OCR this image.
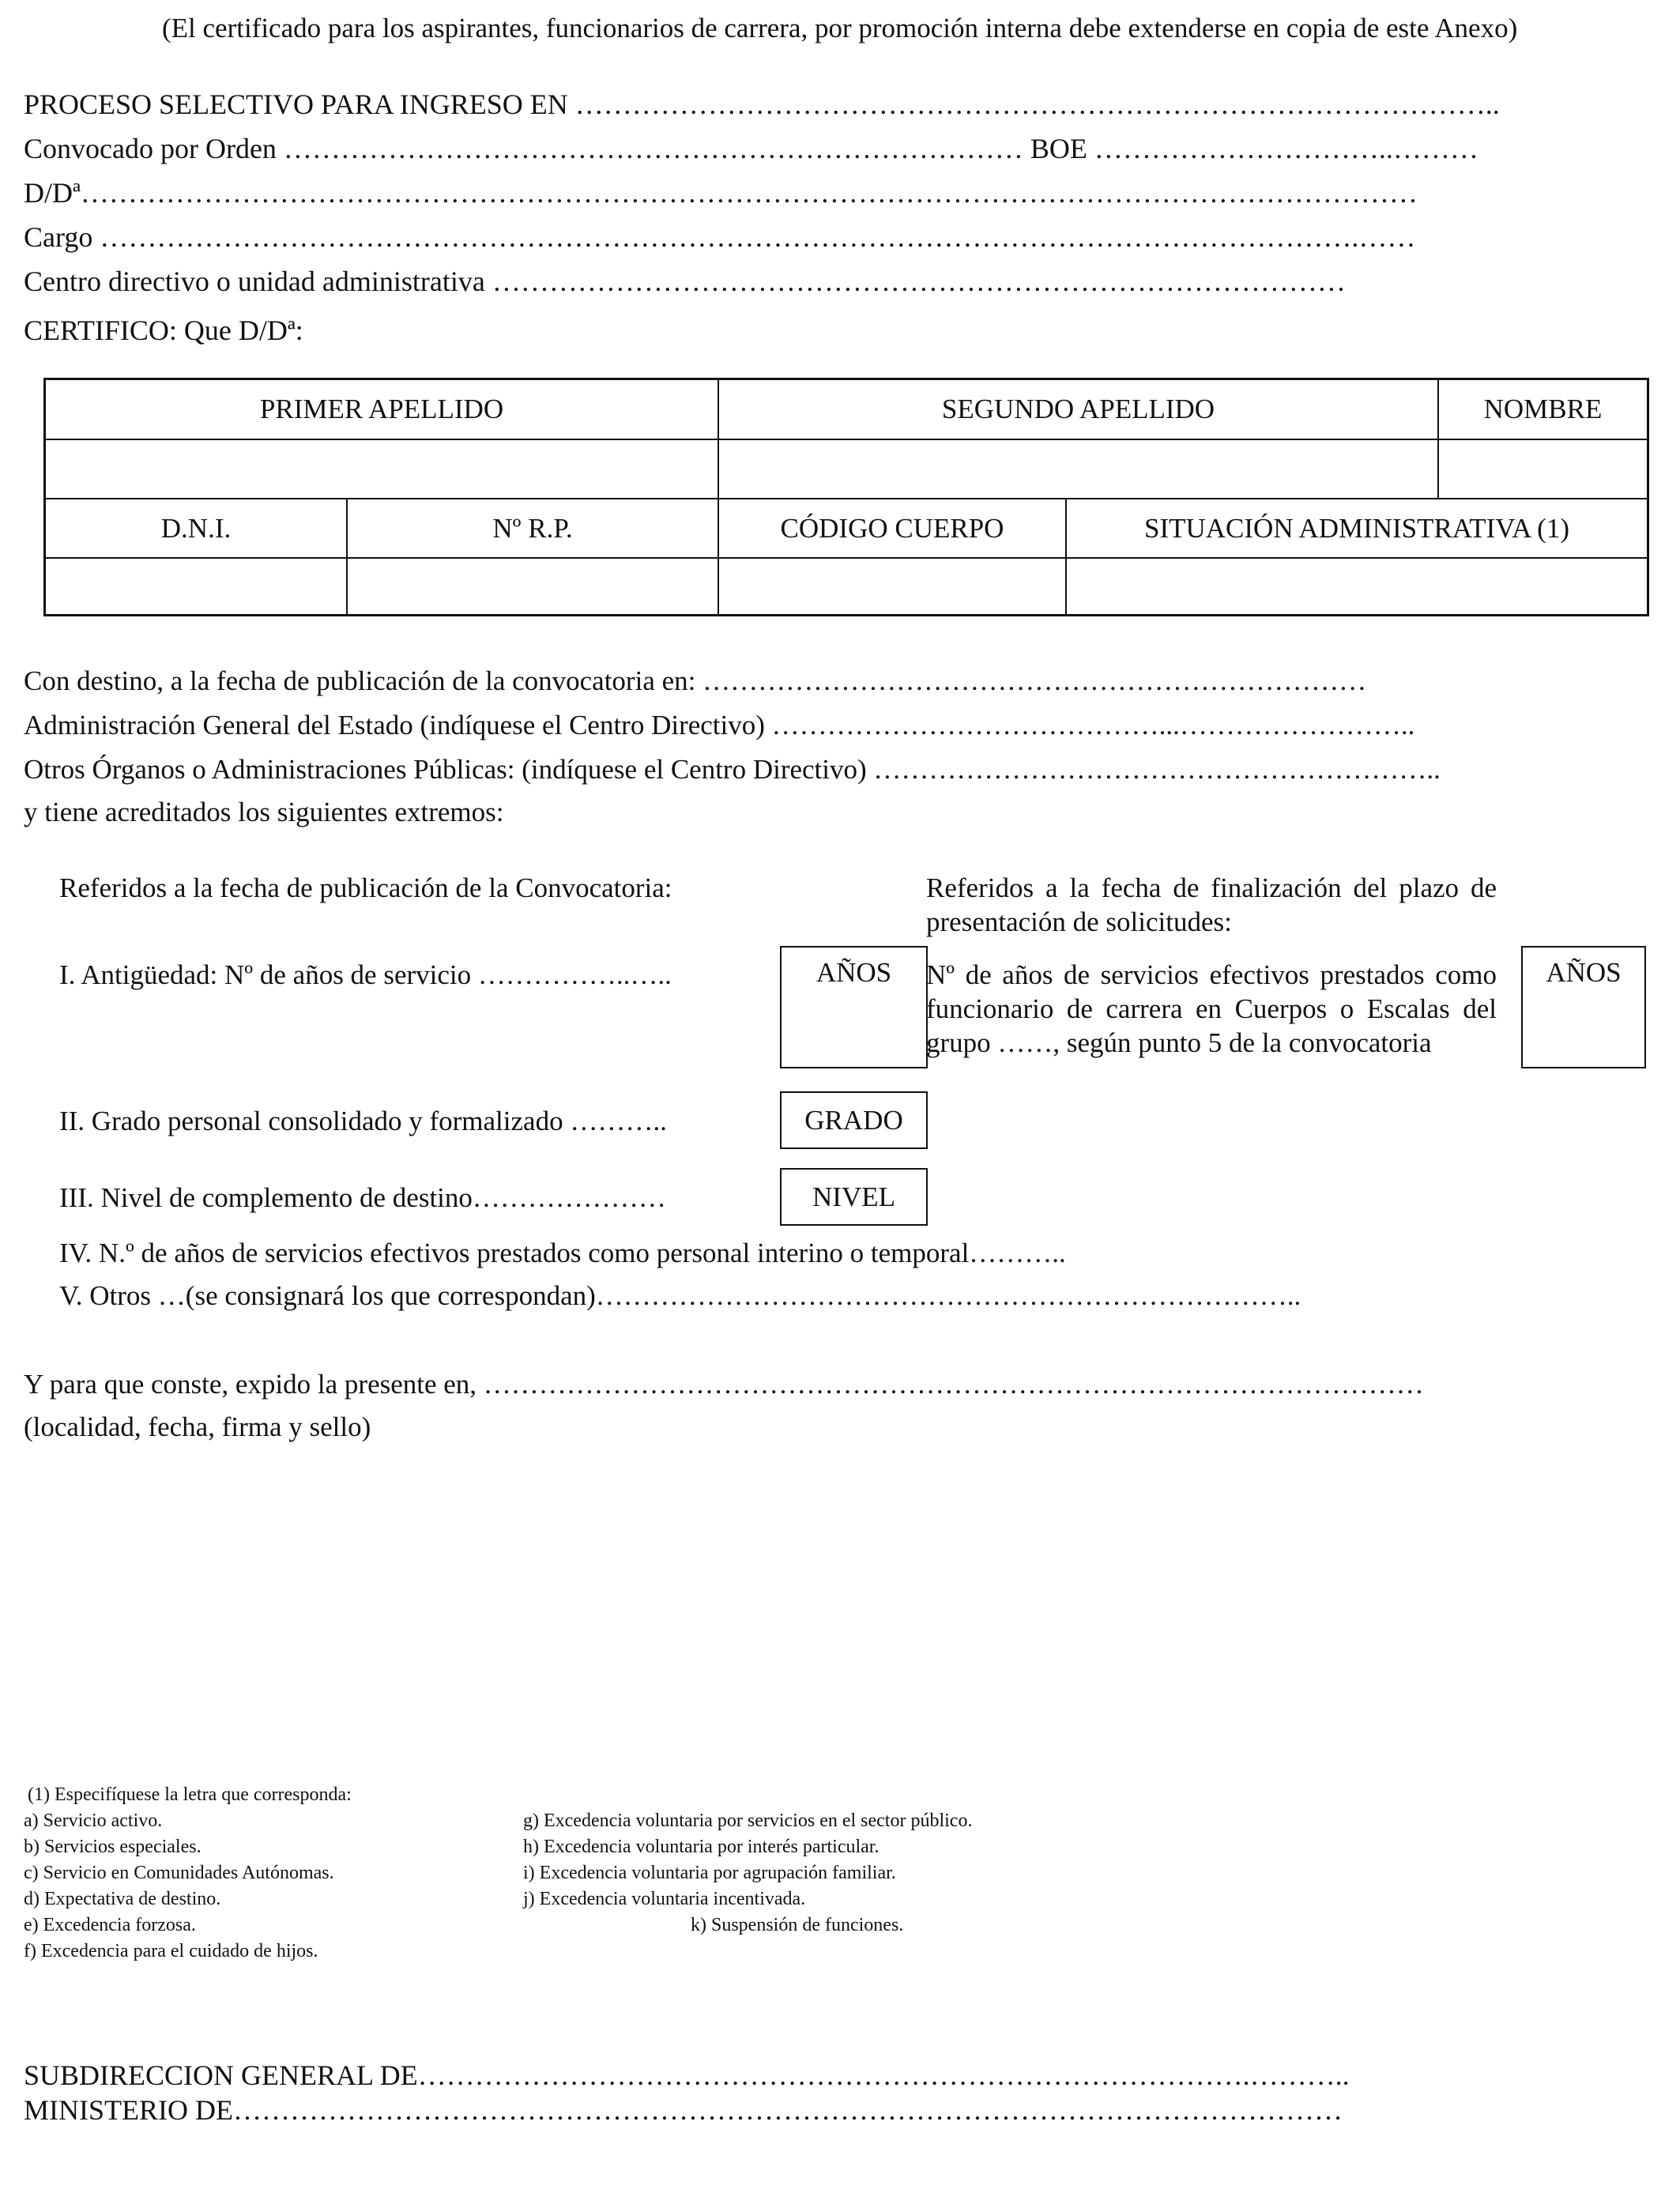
(El certificado para los aspirantes, funcionarios de carrera, por promoción interna debe extenderse en copia de este Anexo)
PROCESO SELECTIVO PARA INGRESO EN ……………………………………………………………………………………..
Convocado por Orden …………………………………………………………………… BOE …………………………..………
D/Dª……………………………………………………………………………………………………………………………
Cargo …………………………………………………………………………………………………………………….……
Centro directivo o unidad administrativa ………………………………………………………………………………
CERTIFICO: Que D/Dª:
PRIMER APELLIDO	SEGUNDO APELLIDO	NOMBRE
D.N.I.	Nº R.P.	CÓDIGO CUERPO	SITUACIÓN ADMINISTRATIVA (1)
Con destino, a la fecha de publicación de la convocatoria en: ………………………………………………………………
Administración General del Estado (indíquese el Centro Directivo) ……………………………………...……………………..
Otros Órganos o Administraciones Públicas: (indíquese el Centro Directivo) ……………………………………………………..
y tiene acreditados los siguientes extremos:
Referidos a la fecha de publicación de la Convocatoria:	Referidos a la fecha de finalización del plazo de
presentación de solicitudes:
I. Antigüedad: Nº de años de servicio ……………..…..	AÑOS	Nº de años de servicios efectivos prestados como
funcionario de carrera en Cuerpos o Escalas del
grupo ……, según punto 5 de la convocatoria
AÑOS
II. Grado personal consolidado y formalizado ………..	GRADO
III. Nivel de complemento de destino…………………	NIVEL
IV. N.º de años de servicios efectivos prestados como personal interino o temporal………..
V. Otros …(se consignará los que correspondan)…………………………………………………………………..
Y para que conste, expido la presente en, …………………………………………………………………………………………
(localidad, fecha, firma y sello)
(1) Especifíquese la letra que corresponda:
a) Servicio activo.
b) Servicios especiales.
c) Servicio en Comunidades Autónomas.
d) Expectativa de destino.
e) Excedencia forzosa.
f) Excedencia para el cuidado de hijos.
g) Excedencia voluntaria por servicios en el sector público.
h) Excedencia voluntaria por interés particular.
i) Excedencia voluntaria por agrupación familiar.
j) Excedencia voluntaria incentivada.
k) Suspensión de funciones.
SUBDIRECCION GENERAL DE…………………………………………………………………………….………..
MINISTERIO DE………………………………………………………………………………………………………
